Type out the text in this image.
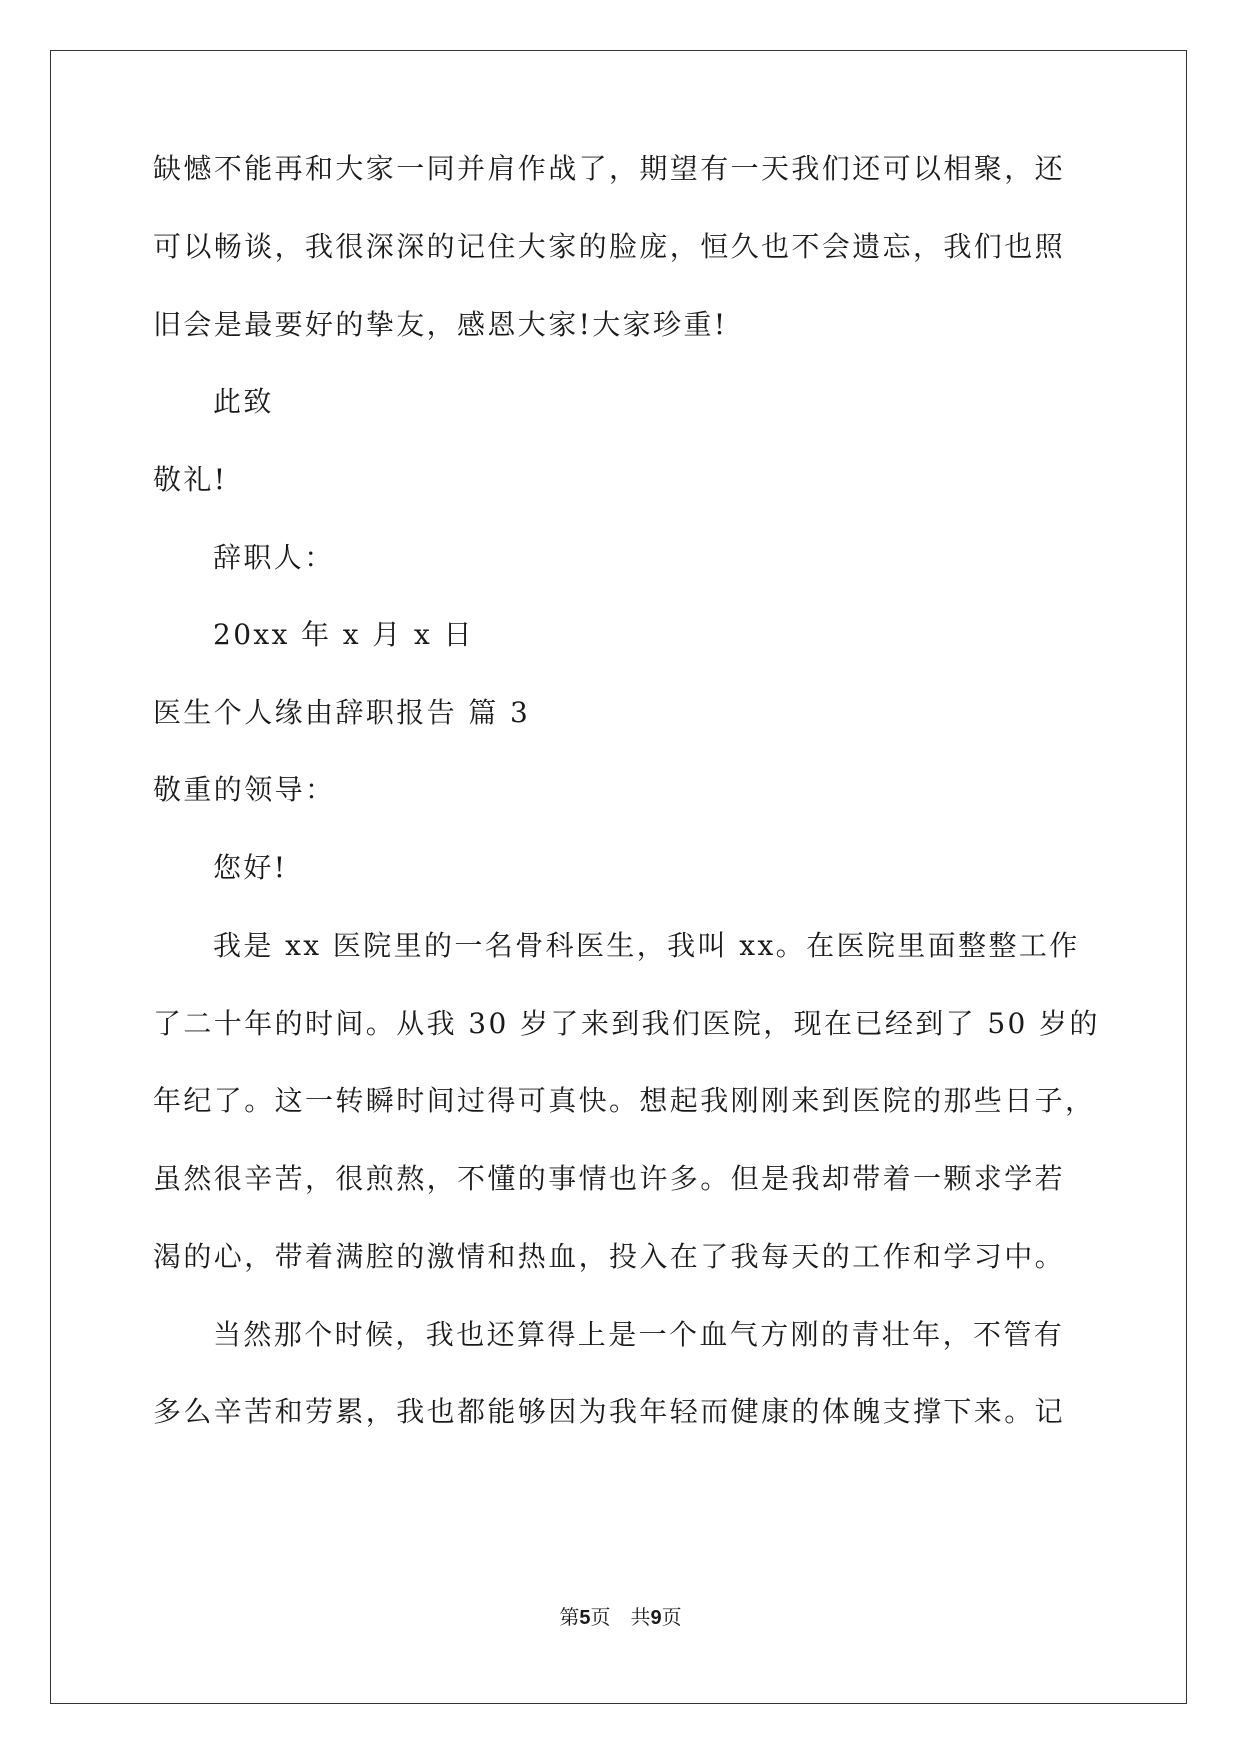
缺憾不能再和大家一同并肩作战了，期望有一天我们还可以相聚，还
可以畅谈，我很深深的记住大家的脸庞，恒久也不会遗忘，我们也照
旧会是最要好的挚友，感恩大家!大家珍重!
此致
敬礼!
辞职人：
20xx 年 x 月 x 日
医生个人缘由辞职报告 篇 3
敬重的领导：
您好!
我是 xx 医院里的一名骨科医生，我叫 xx。在医院里面整整工作
了二十年的时间。从我 30 岁了来到我们医院，现在已经到了 50 岁的
年纪了。这一转瞬时间过得可真快。想起我刚刚来到医院的那些日子，
虽然很辛苦，很煎熬，不懂的事情也许多。但是我却带着一颗求学若
渴的心，带着满腔的激情和热血，投入在了我每天的工作和学习中。
当然那个时候，我也还算得上是一个血气方刚的青壮年，不管有
多么辛苦和劳累，我也都能够因为我年轻而健康的体魄支撑下来。记
第5页 共9页
